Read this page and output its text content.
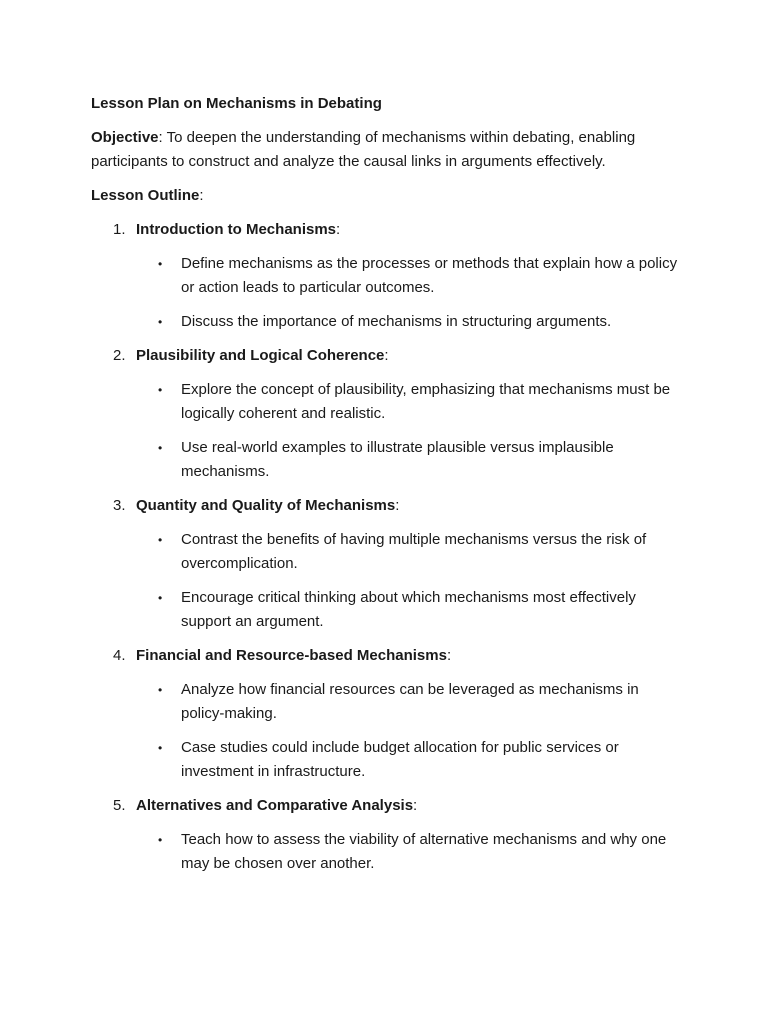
Lesson Plan on Mechanisms in Debating
Objective: To deepen the understanding of mechanisms within debating, enabling participants to construct and analyze the causal links in arguments effectively.
Lesson Outline:
1. Introduction to Mechanisms:
•	Define mechanisms as the processes or methods that explain how a policy or action leads to particular outcomes.
•	Discuss the importance of mechanisms in structuring arguments.
2. Plausibility and Logical Coherence:
•	Explore the concept of plausibility, emphasizing that mechanisms must be logically coherent and realistic.
•	Use real-world examples to illustrate plausible versus implausible mechanisms.
3. Quantity and Quality of Mechanisms:
•	Contrast the benefits of having multiple mechanisms versus the risk of overcomplication.
•	Encourage critical thinking about which mechanisms most effectively support an argument.
4. Financial and Resource-based Mechanisms:
•	Analyze how financial resources can be leveraged as mechanisms in policy-making.
•	Case studies could include budget allocation for public services or investment in infrastructure.
5. Alternatives and Comparative Analysis:
•	Teach how to assess the viability of alternative mechanisms and why one may be chosen over another.
